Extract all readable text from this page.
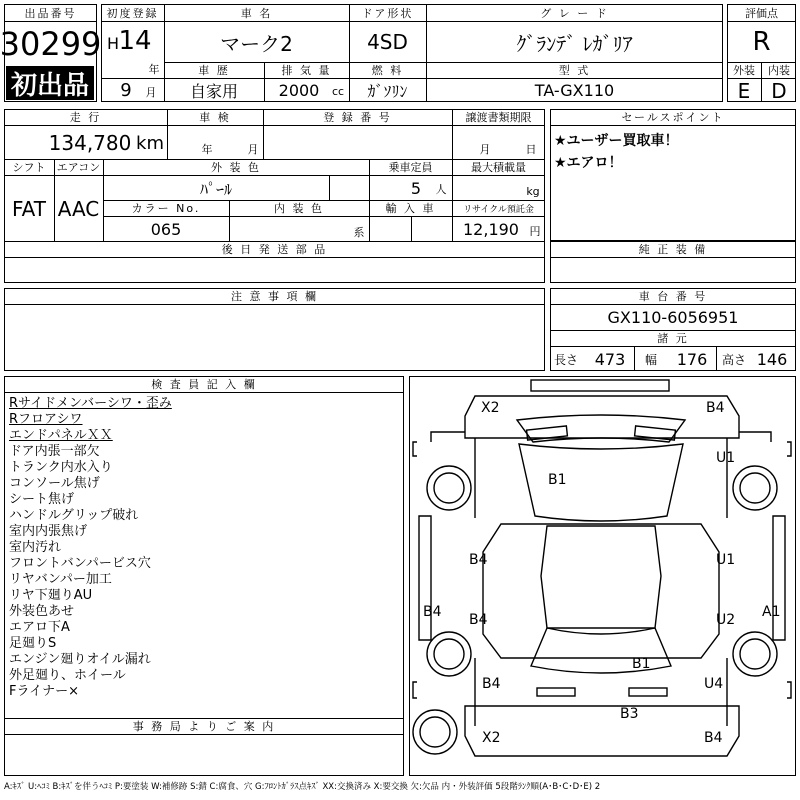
出品番号
30299
初出品
初度登録
H 14
年
9	月
車 名
マーク2
ドア形状
4SD
グ レ ー ド
ｸﾞﾗﾝﾃﾞ ﾚｶﾞﾘｱ
車 歴
自家用
排 気 量
2000	cc
燃 料
ｶﾞｿﾘﾝ
型 式
TA-GX110
評価点
R
外装	内装
E	D
走 行
134,780 km
車 検
年	月
登 録 番 号	譲渡書類期限
月	日
シフト
FAT
エアコン
AAC
外 装 色
ﾊﾟｰﾙ
乗車定員
5	人
最大積載量
kg
カラー No.
065
内 装 色
系
輸 入 車	リサイクル預託金
12,190 円
後 日 発 送 部 品
注 意 事 項 欄
セールスポイント
★ユーザー買取車！
★エアロ！
純 正 装 備
車 台 番 号
GX110-6056951
諸 元
長さ	473	幅 176	高さ 146
検 査 員 記 入 欄
Rサイドメンバーシワ・歪み
Rフロアシワ
エンドパネルＸＸ
ドア内張一部欠
トランク内水入り
コンソール焦げ
シート焦げ
ハンドルグリップ破れ
室内内張焦げ
室内汚れ
フロントバンパービス穴
リヤバンパー加工
リヤ下廻りAU
外装色あせ
エアロ下A
足廻りS
エンジン廻りオイル漏れ
外足廻り、ホイール
Fライナー×
事 務 局 よ り ご 案 内
X2	B4
U1
B1
B4	U1
B4	U2
B4	A1
B1
B4	U4
B3
X2	B4
A:ｷｽﾞ U:ﾍｺﾐ B:ｷｽﾞを伴うﾍｺﾐ P:要塗装 W:補修跡 S:錆 C:腐食、穴 G:ﾌﾛﾝﾄｶﾞﾗｽ点ｷｽﾞ XX:交換済み X:要交換 欠:欠品 内・外装評価 5段階ﾗﾝｸ順(A･B･C･D･E) 2
